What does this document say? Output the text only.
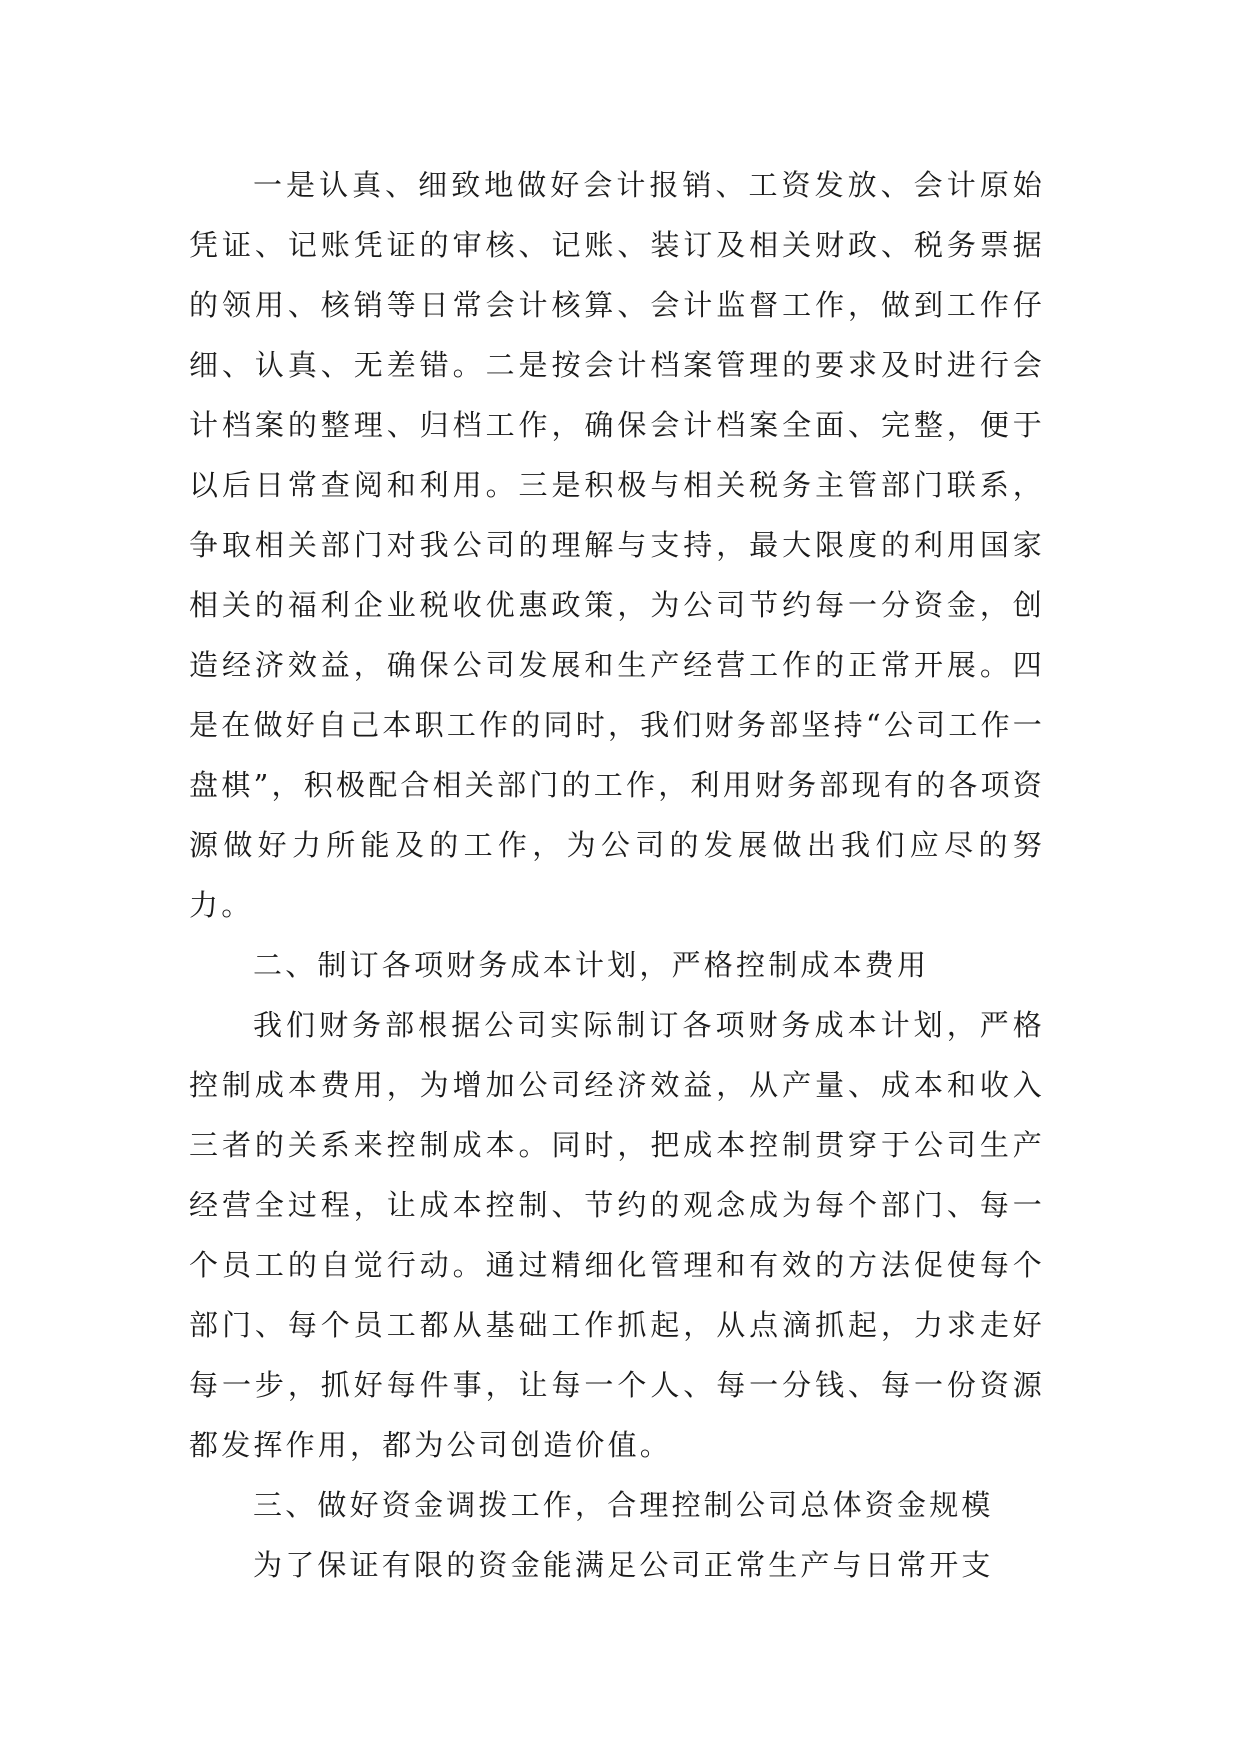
一是认真、细致地做好会计报销、工资发放、会计原始凭证、记账凭证的审核、记账、装订及相关财政、税务票据的领用、核销等日常会计核算、会计监督工作，做到工作仔细、认真、无差错。二是按会计档案管理的要求及时进行会计档案的整理、归档工作，确保会计档案全面、完整，便于以后日常查阅和利用。三是积极与相关税务主管部门联系，争取相关部门对我公司的理解与支持，最大限度的利用国家相关的福利企业税收优惠政策，为公司节约每一分资金，创造经济效益，确保公司发展和生产经营工作的正常开展。四是在做好自己本职工作的同时，我们财务部坚持“公司工作一盘棋”，积极配合相关部门的工作，利用财务部现有的各项资源做好力所能及的工作，为公司的发展做出我们应尽的努力。

二、制订各项财务成本计划，严格控制成本费用

我们财务部根据公司实际制订各项财务成本计划，严格控制成本费用，为增加公司经济效益，从产量、成本和收入三者的关系来控制成本。同时，把成本控制贯穿于公司生产经营全过程，让成本控制、节约的观念成为每个部门、每一个员工的自觉行动。通过精细化管理和有效的方法促使每个部门、每个员工都从基础工作抓起，从点滴抓起，力求走好每一步，抓好每件事，让每一个人、每一分钱、每一份资源都发挥作用，都为公司创造价值。

三、做好资金调拨工作，合理控制公司总体资金规模

为了保证有限的资金能满足公司正常生产与日常开支
